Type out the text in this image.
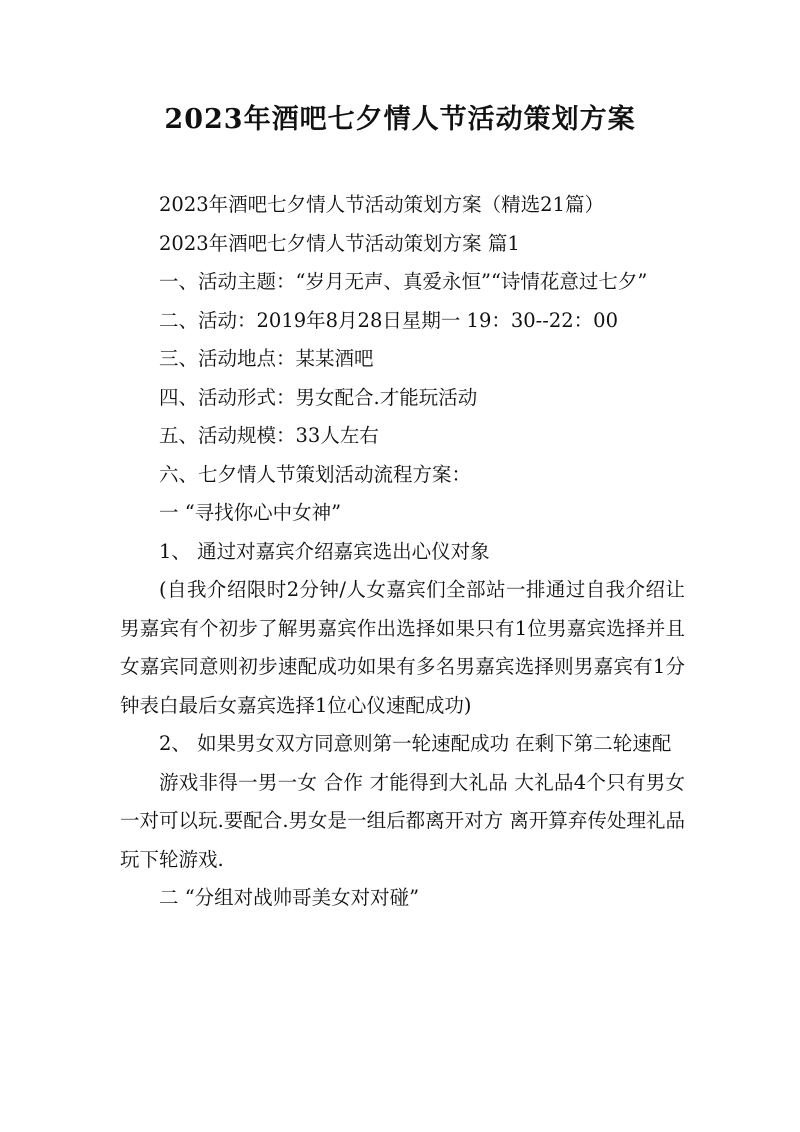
2023年酒吧七夕情人节活动策划方案

2023年酒吧七夕情人节活动策划方案（精选21篇）

2023年酒吧七夕情人节活动策划方案 篇1

一、活动主题：“岁月无声、真爱永恒”“诗情花意过七夕”

二、活动：2019年8月28日星期一 19：30--22：00

三、活动地点：某某酒吧

四、活动形式：男女配合.才能玩活动

五、活动规模：33人左右

六、七夕情人节策划活动流程方案：

一 “寻找你心中女神”

1、 通过对嘉宾介绍嘉宾选出心仪对象

(自我介绍限时2分钟/人女嘉宾们全部站一排通过自我介绍让男嘉宾有个初步了解男嘉宾作出选择如果只有1位男嘉宾选择并且女嘉宾同意则初步速配成功如果有多名男嘉宾选择则男嘉宾有1分钟表白最后女嘉宾选择1位心仪速配成功)

2、 如果男女双方同意则第一轮速配成功 在剩下第二轮速配

游戏非得一男一女 合作 才能得到大礼品 大礼品4个只有男女一对可以玩.要配合.男女是一组后都离开对方 离开算弃传处理礼品 玩下轮游戏.

二 “分组对战帅哥美女对对碰”
